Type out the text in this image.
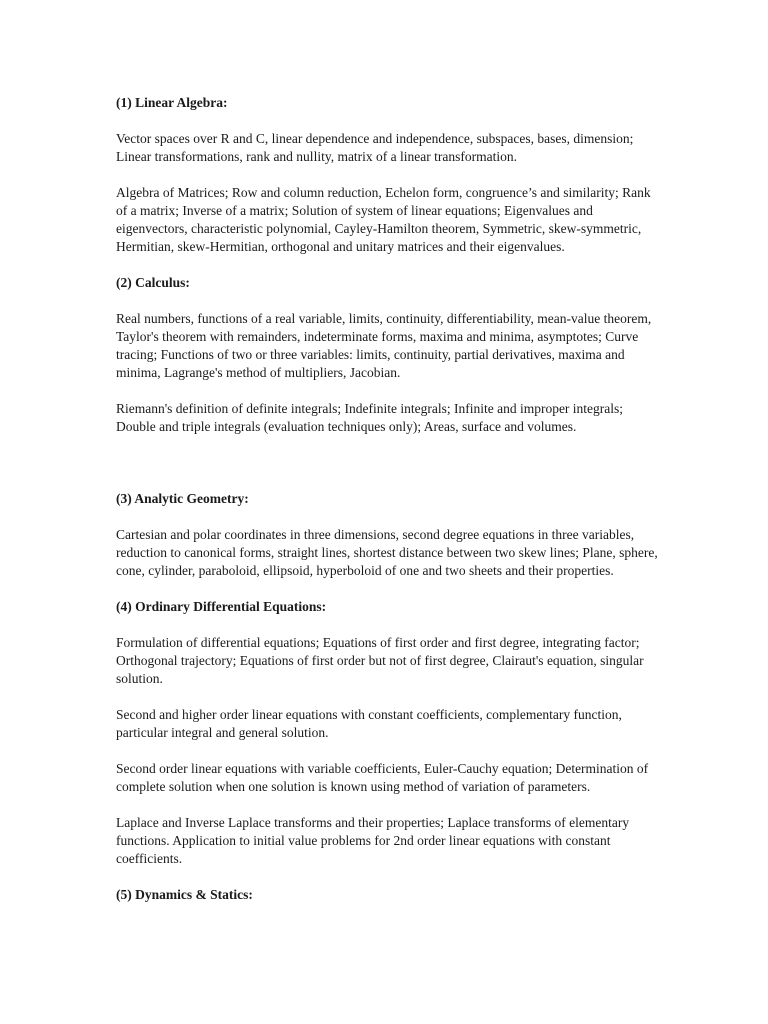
(1) Linear Algebra:

Vector spaces over R and C, linear dependence and independence, subspaces, bases, dimension; Linear transformations, rank and nullity, matrix of a linear transformation.

Algebra of Matrices; Row and column reduction, Echelon form, congruence’s and similarity; Rank of a matrix; Inverse of a matrix; Solution of system of linear equations; Eigenvalues and eigenvectors, characteristic polynomial, Cayley-Hamilton theorem, Symmetric, skew-symmetric, Hermitian, skew-Hermitian, orthogonal and unitary matrices and their eigenvalues.

(2) Calculus:

Real numbers, functions of a real variable, limits, continuity, differentiability, mean-value theorem, Taylor's theorem with remainders, indeterminate forms, maxima and minima, asymptotes; Curve tracing; Functions of two or three variables: limits, continuity, partial derivatives, maxima and minima, Lagrange's method of multipliers, Jacobian.

Riemann's definition of definite integrals; Indefinite integrals; Infinite and improper integrals; Double and triple integrals (evaluation techniques only); Areas, surface and volumes.

(3) Analytic Geometry:

Cartesian and polar coordinates in three dimensions, second degree equations in three variables, reduction to canonical forms, straight lines, shortest distance between two skew lines; Plane, sphere, cone, cylinder, paraboloid, ellipsoid, hyperboloid of one and two sheets and their properties.

(4) Ordinary Differential Equations:

Formulation of differential equations; Equations of first order and first degree, integrating factor; Orthogonal trajectory; Equations of first order but not of first degree, Clairaut's equation, singular solution.

Second and higher order linear equations with constant coefficients, complementary function, particular integral and general solution.

Second order linear equations with variable coefficients, Euler-Cauchy equation; Determination of complete solution when one solution is known using method of variation of parameters.

Laplace and Inverse Laplace transforms and their properties; Laplace transforms of elementary functions. Application to initial value problems for 2nd order linear equations with constant coefficients.

(5) Dynamics & Statics:
